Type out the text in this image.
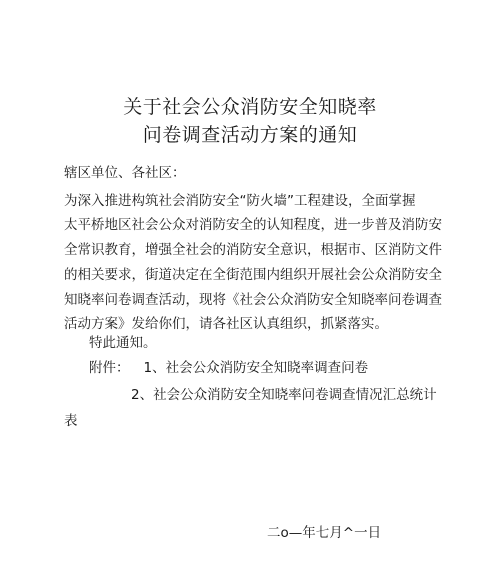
关于社会公众消防安全知晓率
问卷调查活动方案的通知

辖区单位、各社区：

为深入推进构筑社会消防安全“防火墙”工程建设，全面掌握

太平桥地区社会公众对消防安全的认知程度，进一步普及消防安

全常识教育，增强全社会的消防安全意识，根据市、区消防文件

的相关要求，街道决定在全街范围内组织开展社会公众消防安全

知晓率问卷调查活动，现将《社会公众消防安全知晓率问卷调查

活动方案》发给你们，请各社区认真组织，抓紧落实。

特此通知。

附件： 1、社会公众消防安全知晓率调查问卷

2、社会公众消防安全知晓率问卷调查情况汇总统计

表

二o—年七月^一日
